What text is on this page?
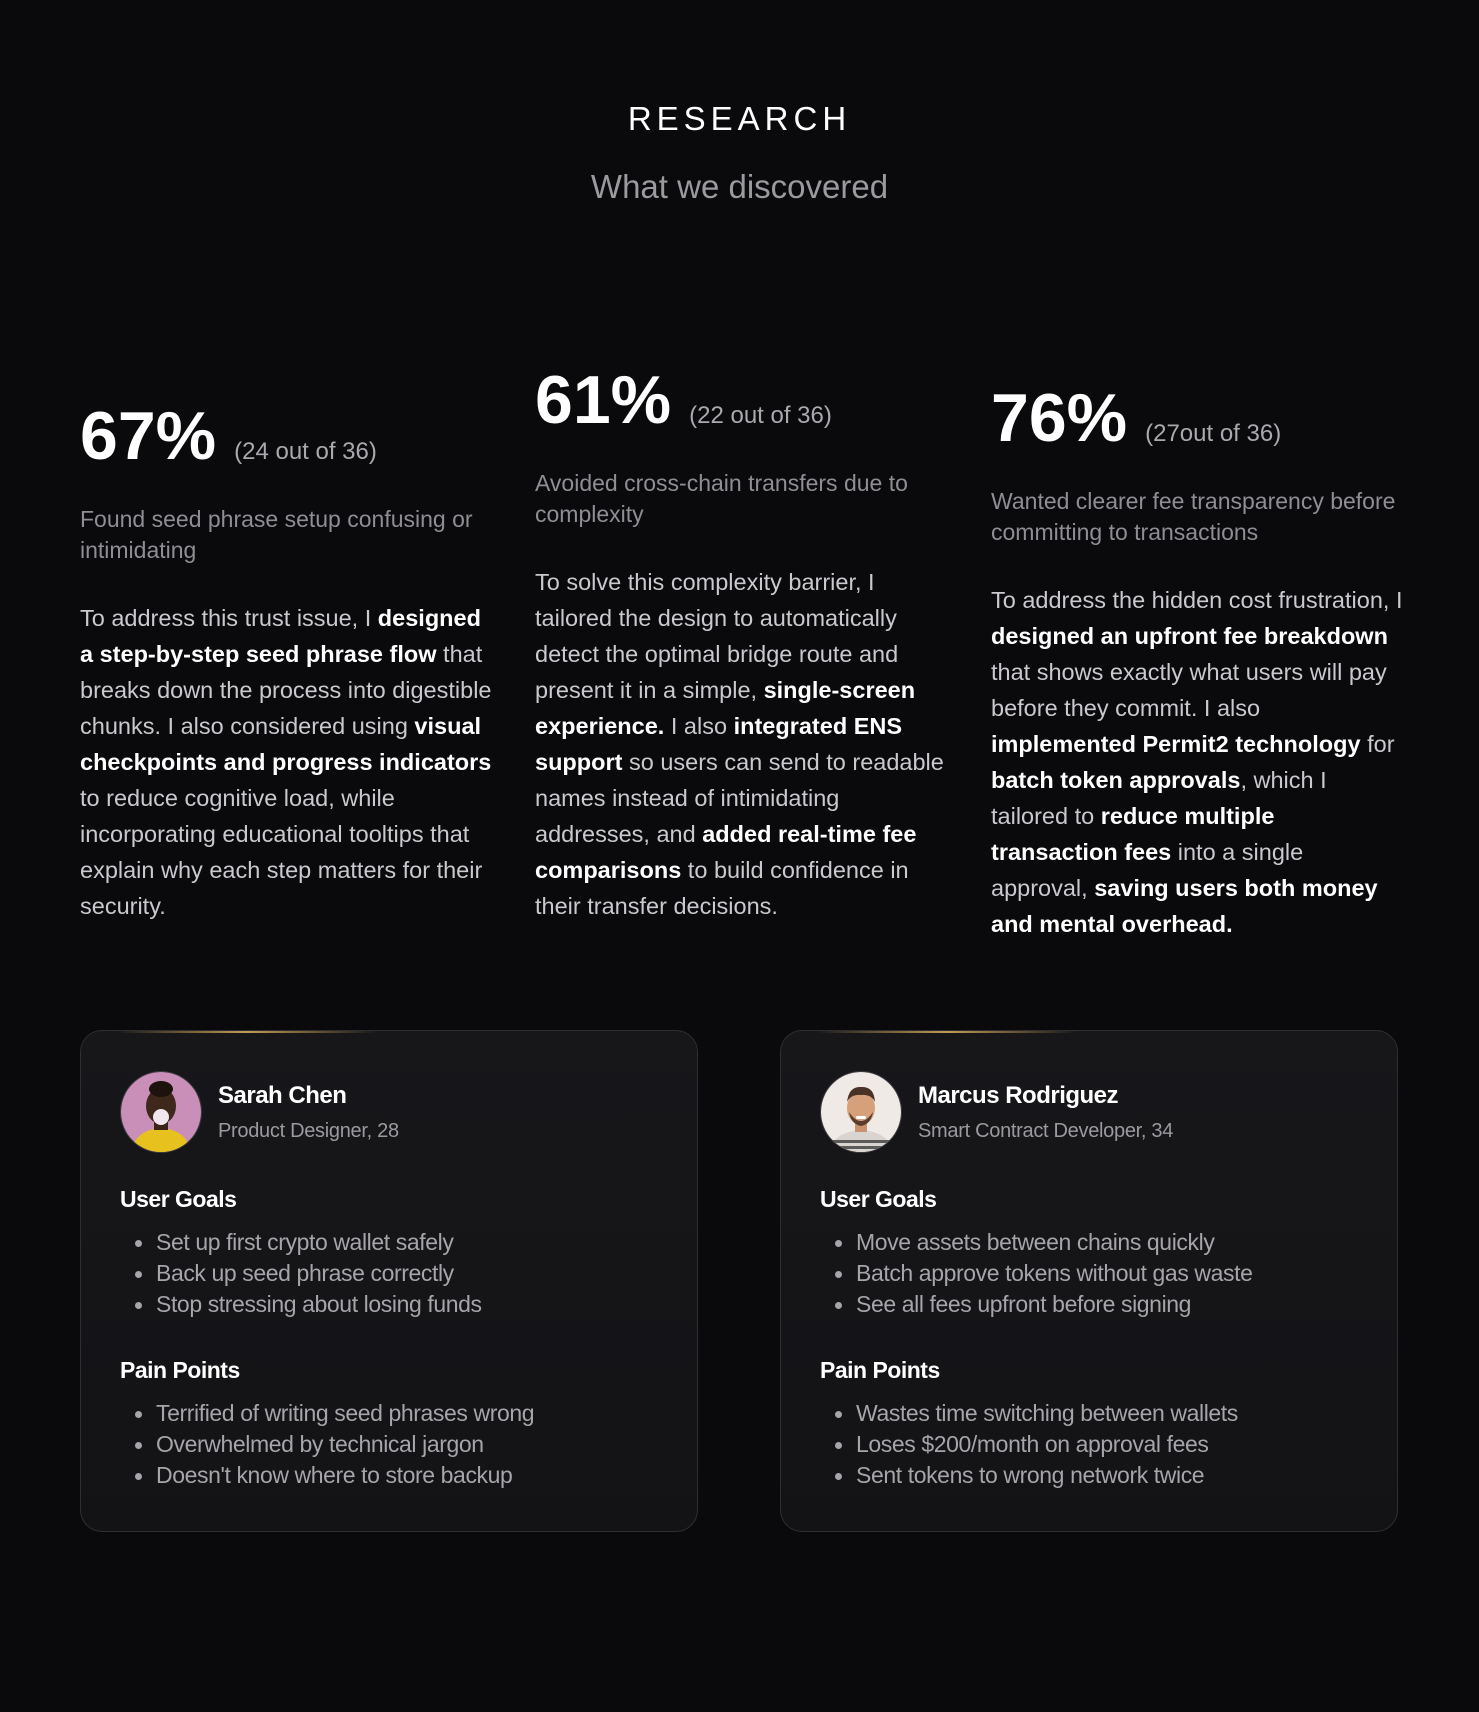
RESEARCH
What we discovered
67% (24 out of 36)
Found seed phrase setup confusing or intimidating
To address this trust issue, I designed a step-by-step seed phrase flow that breaks down the process into digestible chunks. I also considered using visual checkpoints and progress indicators to reduce cognitive load, while incorporating educational tooltips that explain why each step matters for their security.
61% (22 out of 36)
Avoided cross-chain transfers due to complexity
To solve this complexity barrier, I tailored the design to automatically detect the optimal bridge route and present it in a simple, single-screen experience. I also integrated ENS support so users can send to readable names instead of intimidating addresses, and added real-time fee comparisons to build confidence in their transfer decisions.
76% (27out of 36)
Wanted clearer fee transparency before committing to transactions
To address the hidden cost frustration, I designed an upfront fee breakdown that shows exactly what users will pay before they commit. I also implemented Permit2 technology for batch token approvals, which I tailored to reduce multiple transaction fees into a single approval, saving users both money and mental overhead.
Sarah Chen
Product Designer, 28
User Goals
Set up first crypto wallet safely
Back up seed phrase correctly
Stop stressing about losing funds
Pain Points
Terrified of writing seed phrases wrong
Overwhelmed by technical jargon
Doesn't know where to store backup
Marcus Rodriguez
Smart Contract Developer, 34
User Goals
Move assets between chains quickly
Batch approve tokens without gas waste
See all fees upfront before signing
Pain Points
Wastes time switching between wallets
Loses $200/month on approval fees
Sent tokens to wrong network twice
